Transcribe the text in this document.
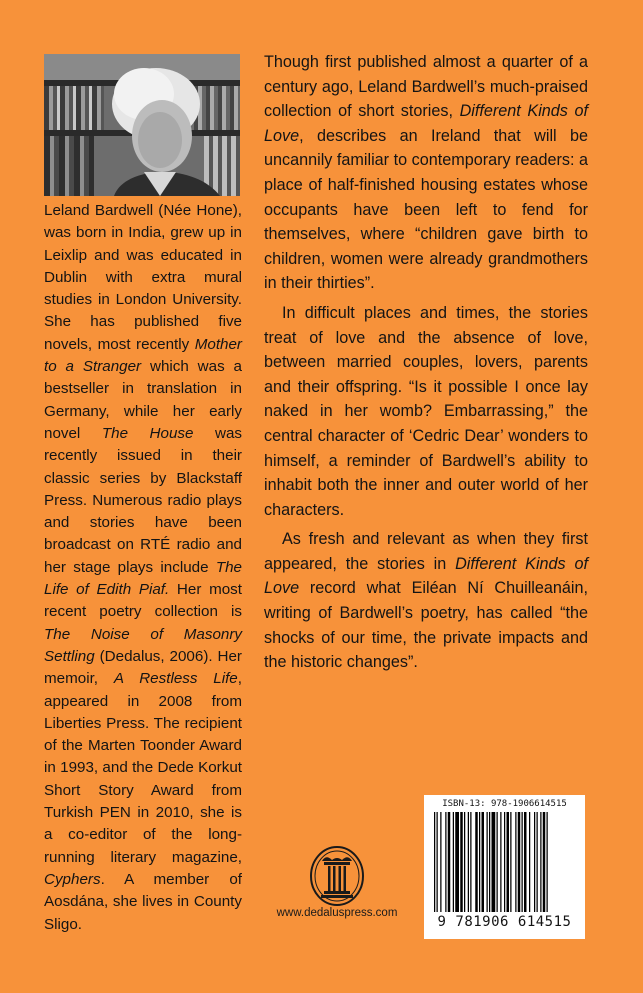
Leland Bardwell (Née Hone), was born in India, grew up in Leixlip and was educated in Dublin with extra mural studies in London University. She has published five novels, most recently Mother to a Stranger which was a bestseller in translation in Germany, while her early novel The House was recently issued in their classic series by Blackstaff Press. Numerous radio plays and stories have been broadcast on RTÉ radio and her stage plays include The Life of Edith Piaf. Her most recent poetry collection is The Noise of Masonry Settling (Dedalus, 2006). Her memoir, A Restless Life, appeared in 2008 from Liberties Press. The recipient of the Marten Toonder Award in 1993, and the Dede Korkut Short Story Award from Turkish PEN in 2010, she is a co-editor of the long-running literary magazine, Cyphers. A member of Aosdána, she lives in County Sligo.

Though first published almost a quarter of a century ago, Leland Bardwell’s much-praised collection of short stories, Different Kinds of Love, describes an Ireland that will be uncannily familiar to contemporary readers: a place of half-finished housing estates whose occupants have been left to fend for themselves, where “children gave birth to children, women were already grandmothers in their thirties”.

In difficult places and times, the stories treat of love and the absence of love, between married couples, lovers, parents and their offspring. “Is it possible I once lay naked in her womb? Embarrassing,” the central character of ‘Cedric Dear’ wonders to himself, a reminder of Bardwell’s ability to inhabit both the inner and outer world of her characters.

As fresh and relevant as when they first appeared, the stories in Different Kinds of Love record what Eiléan Ní Chuilleanáin, writing of Bardwell’s poetry, has called “the shocks of our time, the private impacts and the historic changes”.

www.dedaluspress.com
ISBN-13: 978-1906614515
9 781906 614515
